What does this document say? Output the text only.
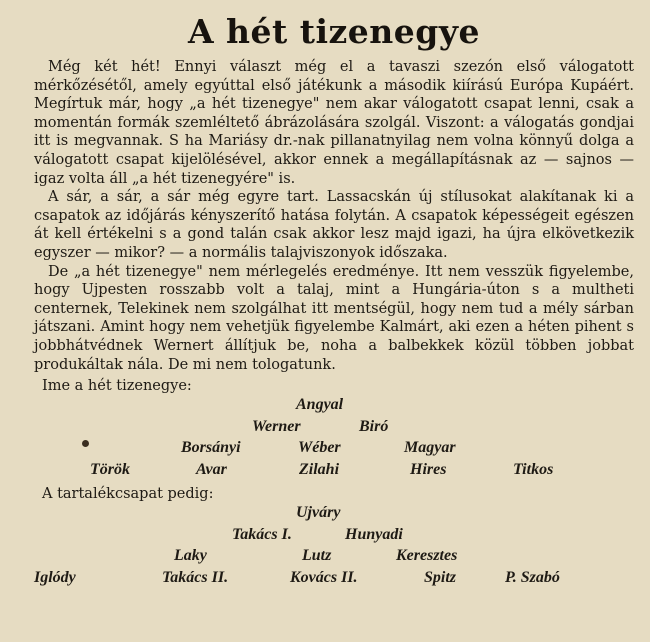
A hét tizenegye

Még két hét! Ennyi választ még el a tavaszi szezón első válogatott mérkőzésétől, amely egyúttal első játékunk a második kiírású Európa Kupáért. Megírtuk már, hogy „a hét tizenegye" nem akar válogatott csapat lenni, csak a momentán formák szemléltető ábrázolására szolgál. Viszont: a válogatás gondjai itt is megvannak. S ha Mariásy dr.-nak pillanatnyilag nem volna könnyű dolga a válogatott csapat kijelölésével, akkor ennek a megállapításnak az — sajnos — igaz volta áll „a hét tizenegyére" is.

A sár, a sár, a sár még egyre tart. Lassacskán új stílusokat alakítanak ki a csapatok az időjárás kényszerítő hatása folytán. A csapatok képességeit egészen át kell értékelni s a gond talán csak akkor lesz majd igazi, ha újra elkövetkezik egyszer — mikor? — a normális talajviszonyok időszaka.

De „a hét tizenegye" nem mérlegelés eredménye. Itt nem vesszük figyelembe, hogy Ujpesten rosszabb volt a talaj, mint a Hungária-úton s a multheti centernek, Telekinek nem szolgálhat itt mentségül, hogy nem tud a mély sárban játszani. Amint hogy nem vehetjük figyelembe Kalmárt, aki ezen a héten pihent s jobbhátvédnek Wernert állítjuk be, noha a balbekkek közül többen jobbat produkáltak nála. De mi nem tologatunk.

Ime a hét tizenegye:
Angyal
Werner	Biró
Borsányi	Wéber	Magyar
Török	Avar	Zilahi	Hires	Titkos
A tartalékcsapat pedig:
Ujváry
Takács I.	Hunyadi
Laky	Lutz	Keresztes
Iglódy	Takács II.	Kovács II.	Spitz	P. Szabó
